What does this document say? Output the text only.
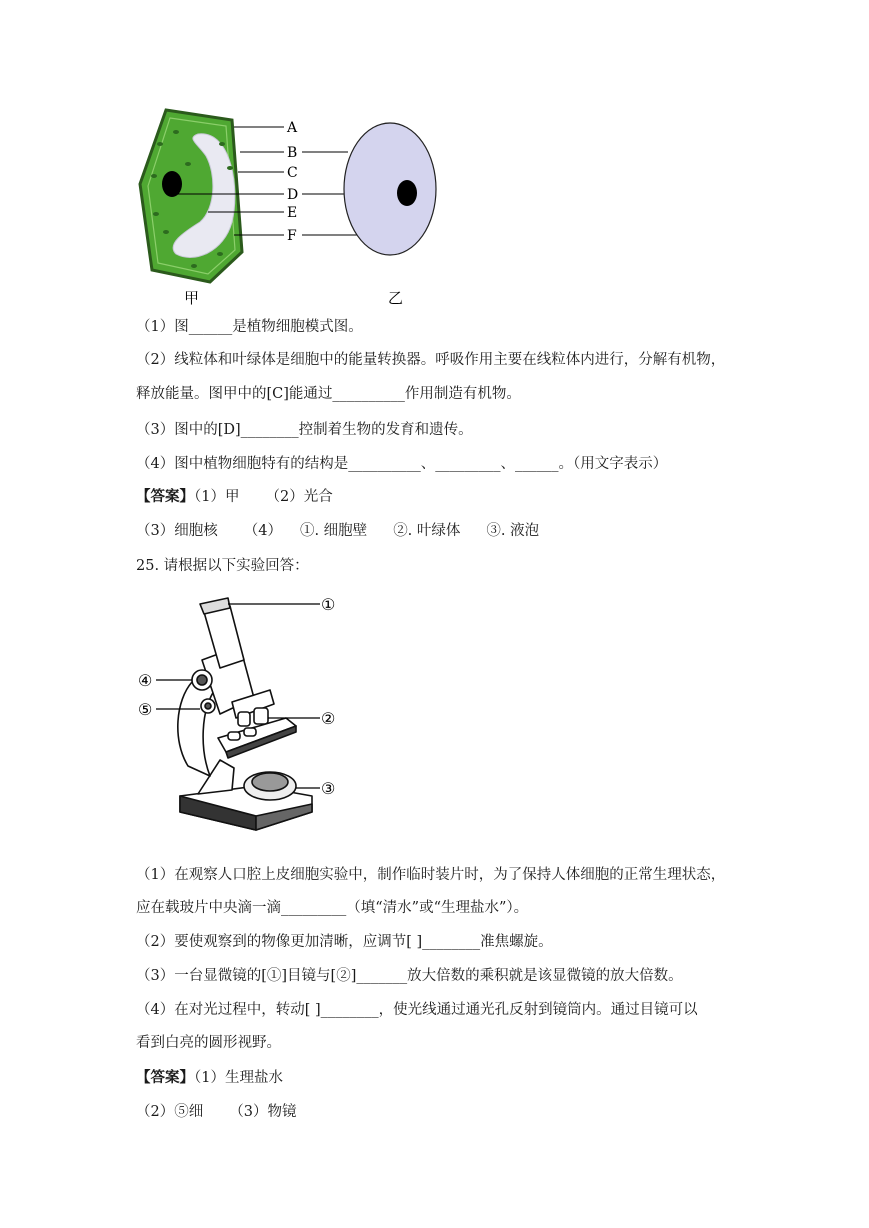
A
B
C
D
E
F
甲	乙
（1）图______是植物细胞模式图。
（2）线粒体和叶绿体是细胞中的能量转换器。呼吸作用主要在线粒体内进行，分解有机物，
释放能量。图甲中的[C]能通过__________作用制造有机物。
（3）图中的[D]________控制着生物的发育和遗传。
（4）图中植物细胞特有的结构是__________、_________、______。（用文字表示）
【答案】（1）甲 （2）光合
（3）细胞核 （4） ①. 细胞壁 ②. 叶绿体 ③. 液泡
25. 请根据以下实验回答：
①
②
③
④
⑤
（1）在观察人口腔上皮细胞实验中，制作临时装片时，为了保持人体细胞的正常生理状态，
应在载玻片中央滴一滴_________（填“清水”或“生理盐水”）。
（2）要使观察到的物像更加清晰，应调节[ ]________准焦螺旋。
（3）一台显微镜的[①]目镜与[②]_______放大倍数的乘积就是该显微镜的放大倍数。
（4）在对光过程中，转动[ ]________，使光线通过通光孔反射到镜筒内。通过目镜可以
看到白亮的圆形视野。
【答案】（1）生理盐水
（2）⑤细 （3）物镜
